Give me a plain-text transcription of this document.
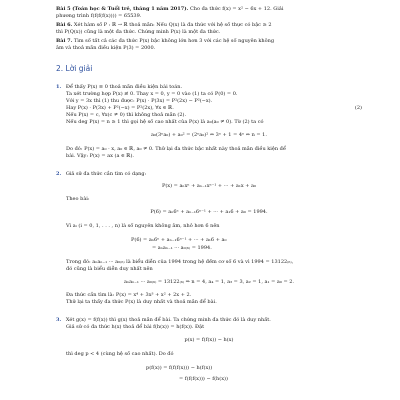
Bài 5 (Toán học & Tuổi trẻ, tháng 1 năm 2017). Cho đa thức f(x) = x² − 6x + 12. Giải
phương trình f(f(f(f(x)))) = 65539.
Bài 6. Xét hàm số P : ℝ → ℝ thoả mãn: Nếu Q(x) là đa thức với hệ số thực có bậc ≥ 2
thì P(Q(x)) cũng là một đa thức. Chứng minh P(x) là một đa thức.
Bài 7. Tìm số tất cả các đa thức P(x) bậc không lớn hơn 3 với các hệ số nguyên không
âm và thoả mãn điều kiện P(3) = 2000.
2. Lời giải
1. Để thấy P(x) ≡ 0 thoả mãn điều kiện bài toán.
Ta xét trường hợp P(x) ≢ 0. Thay x = 0, y = 0 vào (1) ta có P(0) = 0.
Với y = 3x thì (1) thu được: P(x) · P(3x) = P²(2x) − P²(−x).
Hay P(x) · P(3x) + P²(−x) = P²(2x), ∀x ∈ ℝ.	(2)
Nếu P(x) = c, ∀x(c ≠ 0) thì không thoả mãn (2).
Nếu deg P(x) = n ≥ 1 thì gọi hệ số cao nhất của P(x) là a₀(a₀ ≠ 0). Từ (2) ta có
a₀(3ⁿa₀) + a₀² = (2ⁿa₀)² ⇔ 3ⁿ + 1 = 4ⁿ ⇔ n = 1.
Do đó: P(x) = a₀ · x, a₀ ∈ ℝ, a₀ ≠ 0. Thử lại đa thức bậc nhất này thoả mãn điều kiện để
bài. Vậy: P(x) = ax (a ∈ ℝ).
2. Giả sử đa thức cần tìm có dạng:
P(x) = aₙxⁿ + aₙ₋₁xⁿ⁻¹ + ··· + a₁x + a₀
Theo bài:
P(6) = aₙ6ⁿ + aₙ₋₁6ⁿ⁻¹ + ··· + a₁6 + a₀ = 1994.
Vì aᵢ (i = 0, 1, . . . , n) là số nguyên không âm, nhỏ hơn 6 nên
P(6) = aₙ6ⁿ + aₙ₋₁6ⁿ⁻¹ + ··· + a₁6 + a₀
= aₙaₙ₋₁ ··· a₀₍₆₎ = 1994.
Trong đó: aₙaₙ₋₁ ··· a₀₍₆₎ là biểu diễn của 1994 trong hệ đếm cơ số 6 và vì 1994 = 13122₍₆₎,
đó cũng là biểu diễn duy nhất nên
aₙaₙ₋₁ ··· a₀₍₆₎ = 13122₍₆₎ ⇒ n = 4, a₄ = 1, a₃ = 3, a₂ = 1, a₁ = a₀ = 2.
Đa thức cần tìm là: P(x) = x⁴ + 3x³ + x² + 2x + 2.
Thử lại ta thấy đa thức P(x) là duy nhất và thoả mãn để bài.
3. Xét g(x) = f(f(x)) thì g(x) thoả mãn để bài. Ta chứng minh đa thức đó là duy nhất.
Giả sử có đa thức h(x) thoả để bài f(h(x)) = h(f(x)). Đặt
p(x) = f(f(x)) − h(x)
thì deg p < 4 (cùng hệ số cao nhất). Do đó
p(f(x)) = f(f(f(x))) − h(f(x))
= f(f(f(x))) − f(h(x))
